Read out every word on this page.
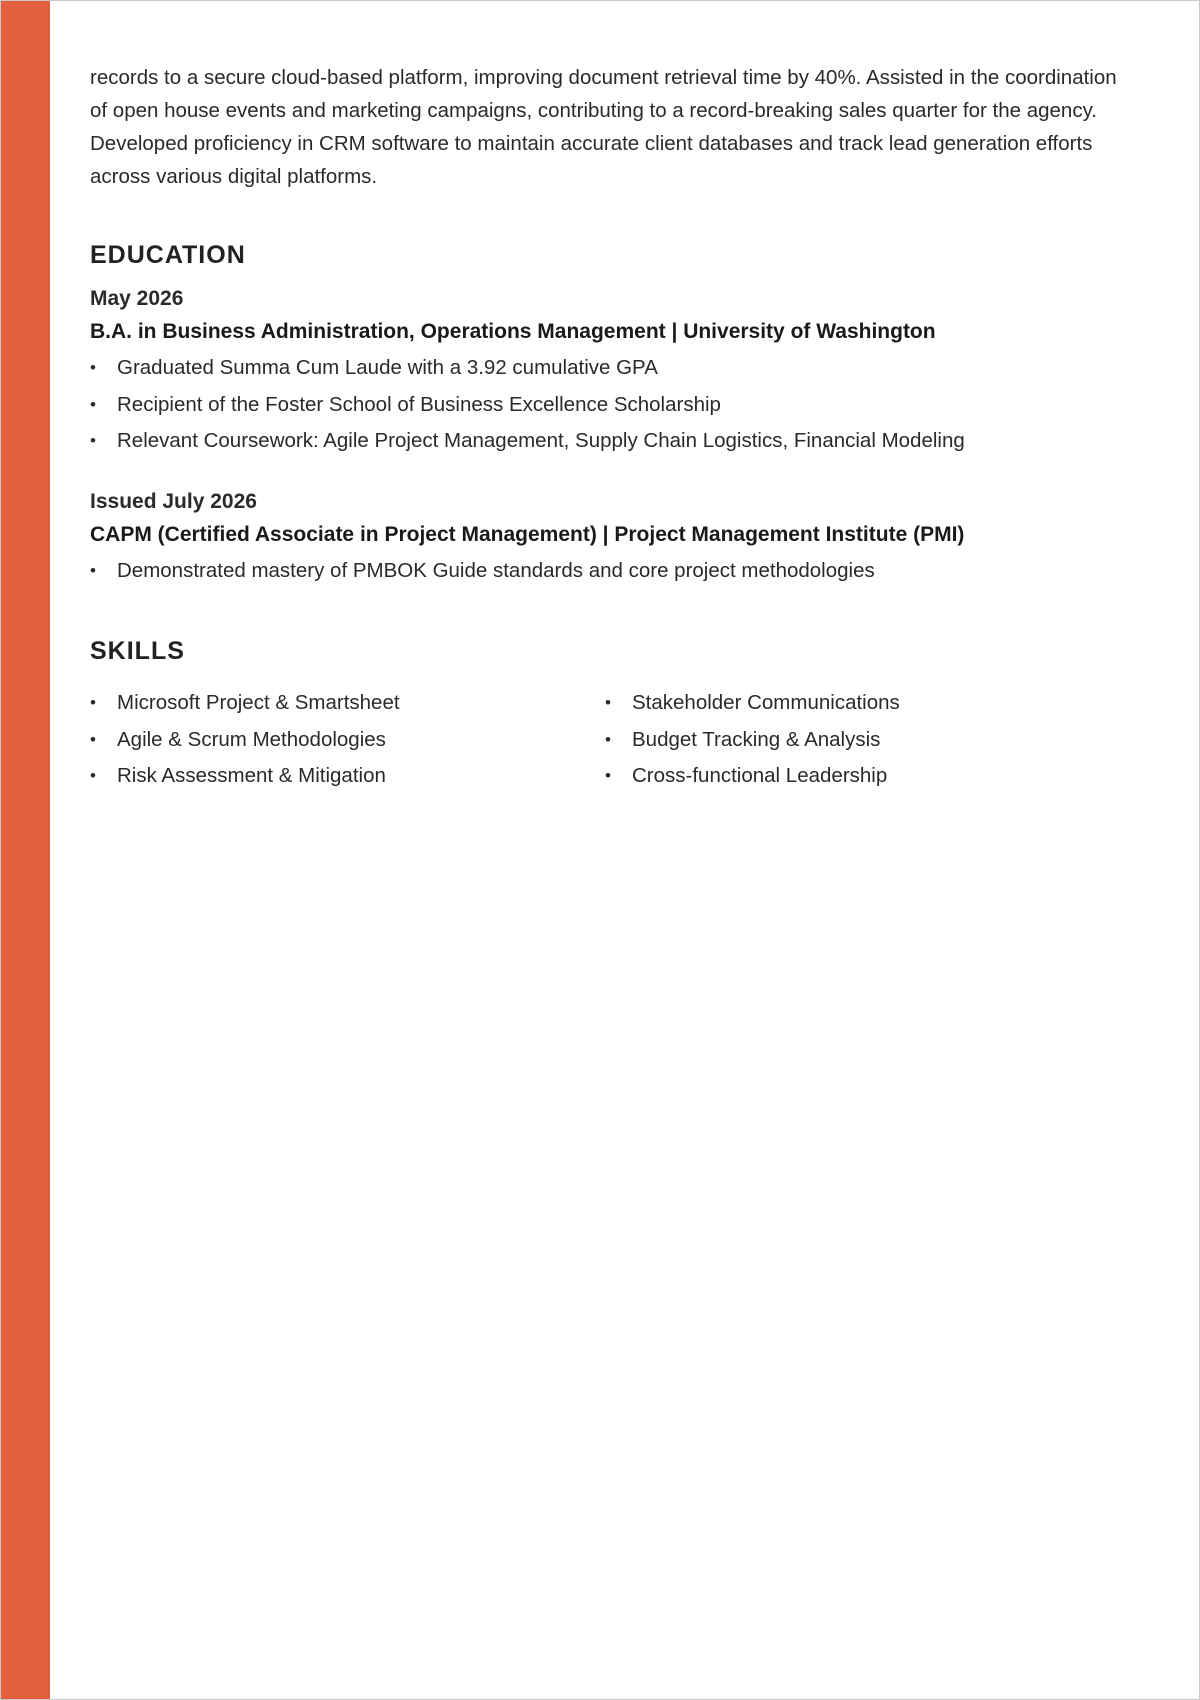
records to a secure cloud-based platform, improving document retrieval time by 40%. Assisted in the coordination of open house events and marketing campaigns, contributing to a record-breaking sales quarter for the agency. Developed proficiency in CRM software to maintain accurate client databases and track lead generation efforts across various digital platforms.

EDUCATION
May 2026
B.A. in Business Administration, Operations Management | University of Washington
• Graduated Summa Cum Laude with a 3.92 cumulative GPA
• Recipient of the Foster School of Business Excellence Scholarship
• Relevant Coursework: Agile Project Management, Supply Chain Logistics, Financial Modeling
Issued July 2026
CAPM (Certified Associate in Project Management) | Project Management Institute (PMI)
• Demonstrated mastery of PMBOK Guide standards and core project methodologies
SKILLS
• Microsoft Project & Smartsheet
• Agile & Scrum Methodologies
• Risk Assessment & Mitigation
• Stakeholder Communications
• Budget Tracking & Analysis
• Cross-functional Leadership
